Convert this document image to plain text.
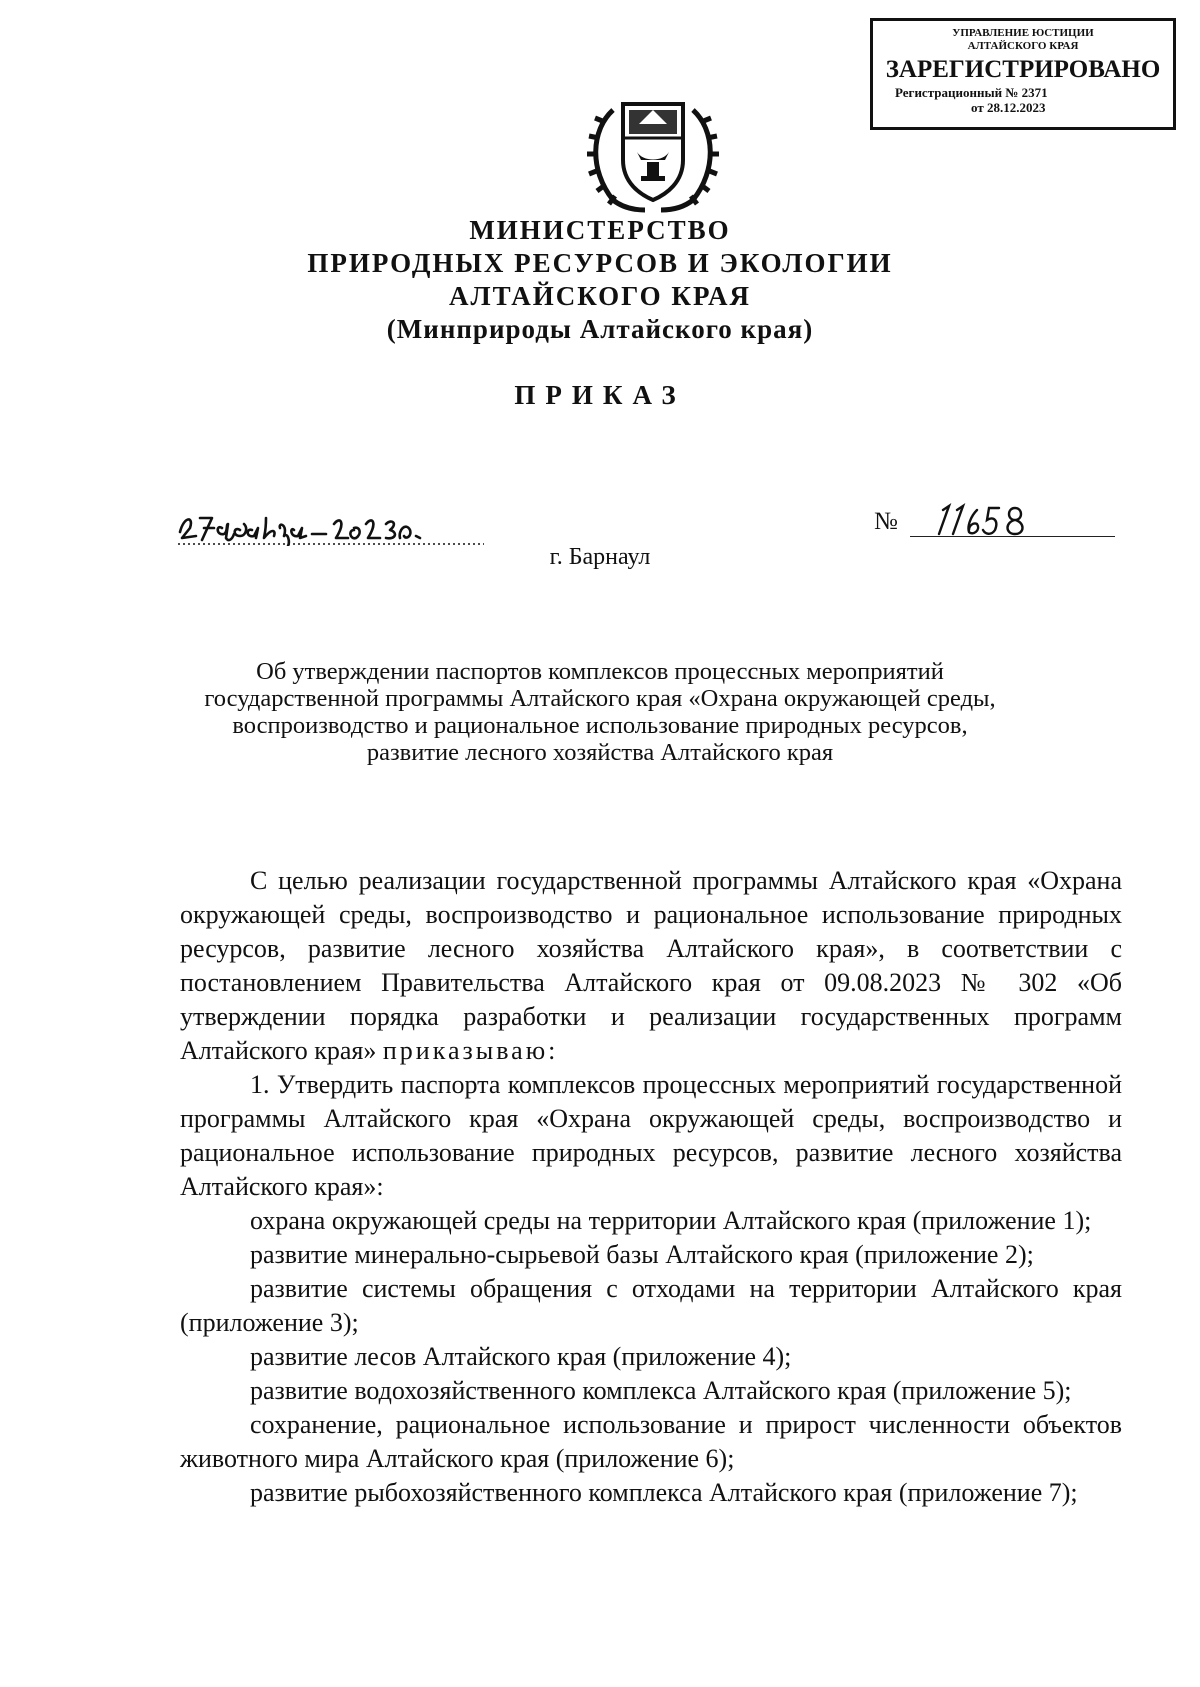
УПРАВЛЕНИЕ ЮСТИЦИИ
АЛТАЙСКОГО КРАЯ
ЗАРЕГИСТРИРОВАНО
Регистрационный № 2371
от 28.12.2023
МИНИСТЕРСТВО
ПРИРОДНЫХ РЕСУРСОВ И ЭКОЛОГИИ
АЛТАЙСКОГО КРАЯ
(Минприроды Алтайского края)
ПРИКАЗ
№
г. Барнаул
Об утверждении паспортов комплексов процессных мероприятий
государственной программы Алтайского края «Охрана окружающей среды,
воспроизводство и рациональное использование природных ресурсов,
развитие лесного хозяйства Алтайского края

С целью реализации государственной программы Алтайского края «Охрана окружающей среды, воспроизводство и рациональное использование природных ресурсов, развитие лесного хозяйства Алтайского края», в соответствии с постановлением Правительства Алтайского края от 09.08.2023 № 302 «Об утверждении порядка разработки и реализации государственных программ Алтайского края» приказываю:

1. Утвердить паспорта комплексов процессных мероприятий государственной программы Алтайского края «Охрана окружающей среды, воспроизводство и рациональное использование природных ресурсов, развитие лесного хозяйства Алтайского края»:

охрана окружающей среды на территории Алтайского края (приложение 1);

развитие минерально-сырьевой базы Алтайского края (приложение 2);

развитие системы обращения с отходами на территории Алтайского края (приложение 3);

развитие лесов Алтайского края (приложение 4);

развитие водохозяйственного комплекса Алтайского края (приложение 5);

сохранение, рациональное использование и прирост численности объектов животного мира Алтайского края (приложение 6);

развитие рыбохозяйственного комплекса Алтайского края (приложение 7);
